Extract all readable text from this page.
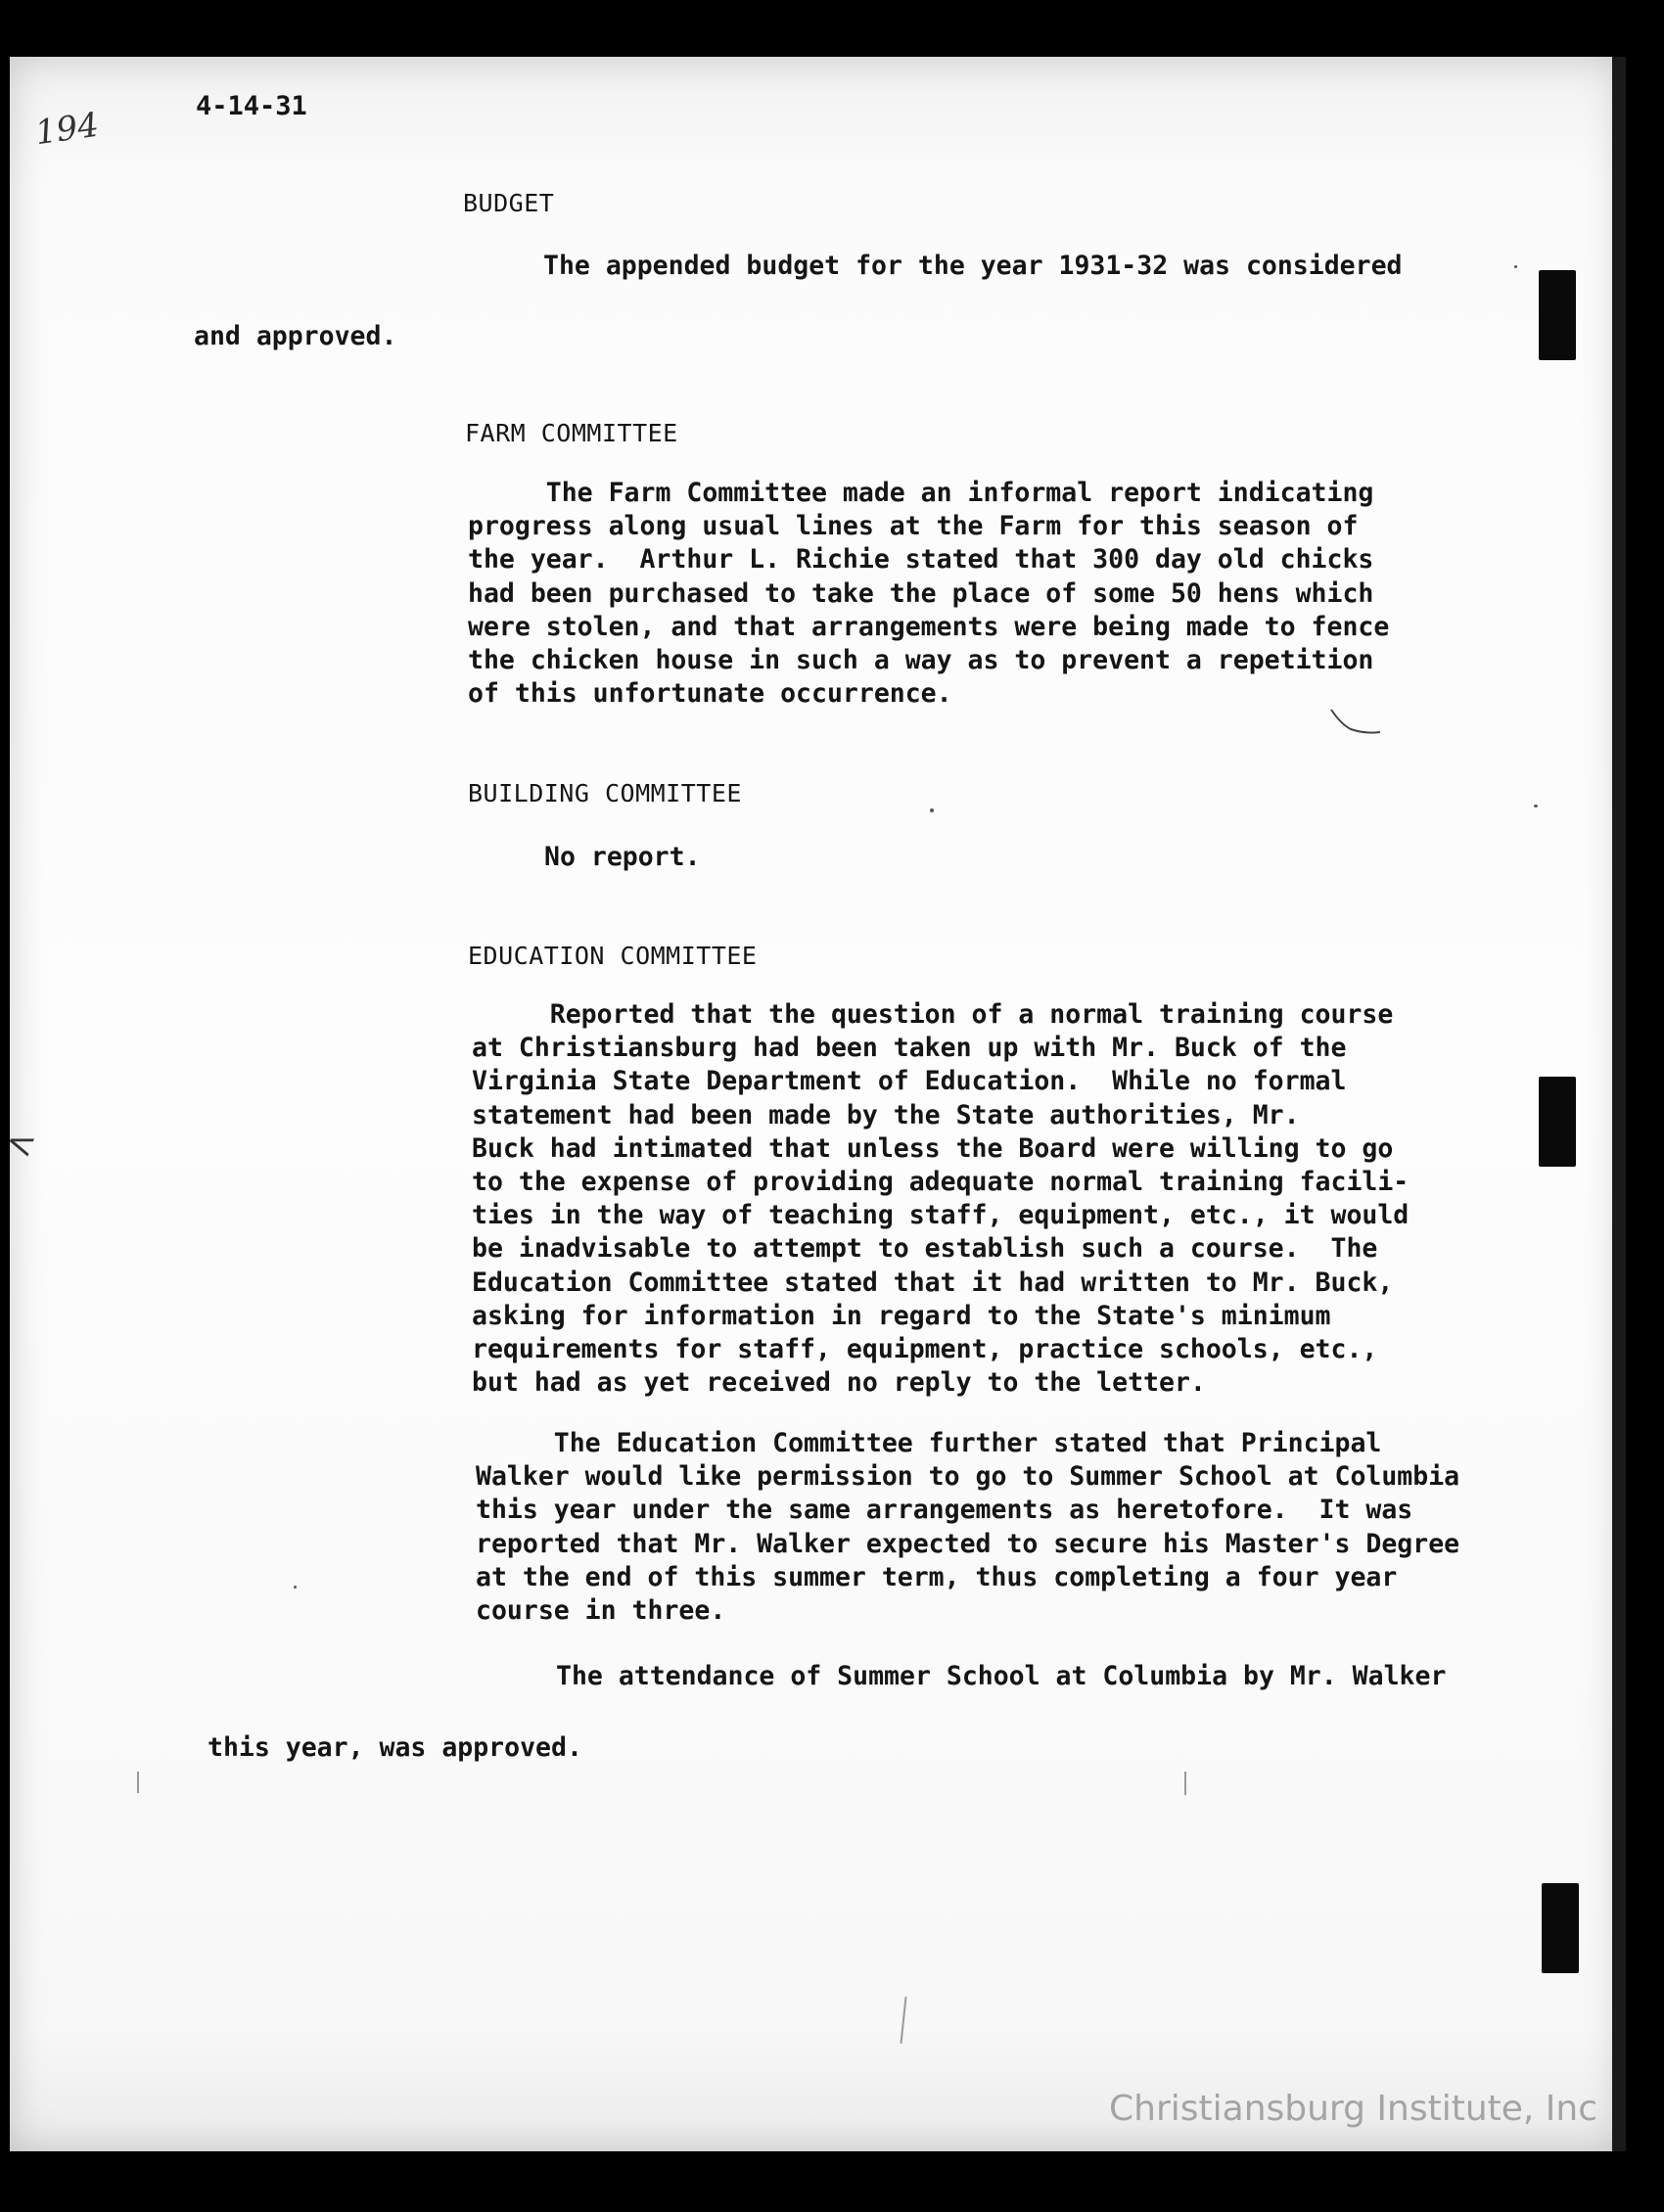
194	4-14-31
BUDGET
The appended budget for the year 1931-32 was considered
and approved.
FARM COMMITTEE
The Farm Committee made an informal report indicating
progress along usual lines at the Farm for this season of
the year.  Arthur L. Richie stated that 300 day old chicks
had been purchased to take the place of some 50 hens which
were stolen, and that arrangements were being made to fence
the chicken house in such a way as to prevent a repetition
of this unfortunate occurrence.
BUILDING COMMITTEE
No report.
EDUCATION COMMITTEE
Reported that the question of a normal training course
at Christiansburg had been taken up with Mr. Buck of the
Virginia State Department of Education.  While no formal
statement had been made by the State authorities, Mr.
Buck had intimated that unless the Board were willing to go
to the expense of providing adequate normal training facili-
ties in the way of teaching staff, equipment, etc., it would
be inadvisable to attempt to establish such a course.  The
Education Committee stated that it had written to Mr. Buck,
asking for information in regard to the State's minimum
requirements for staff, equipment, practice schools, etc.,
but had as yet received no reply to the letter.
The Education Committee further stated that Principal
Walker would like permission to go to Summer School at Columbia
this year under the same arrangements as heretofore.  It was
reported that Mr. Walker expected to secure his Master's Degree
at the end of this summer term, thus completing a four year
course in three.
The attendance of Summer School at Columbia by Mr. Walker
this year, was approved.
<
Christiansburg Institute, Inc
